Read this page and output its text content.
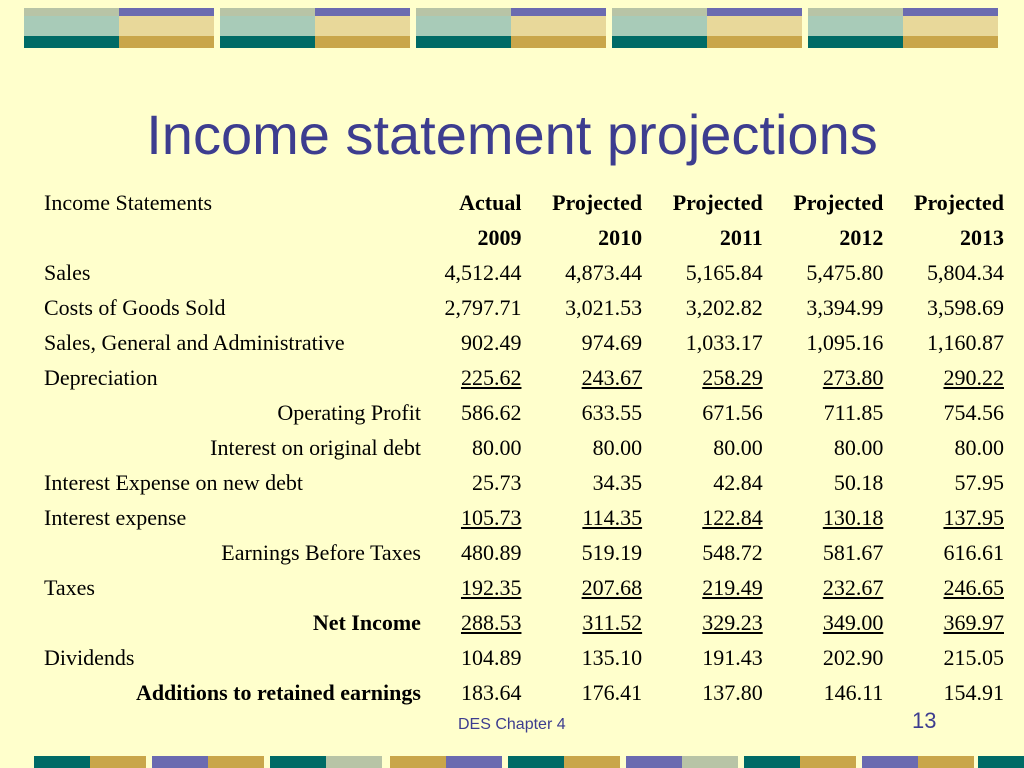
Income statement projections
Income Statements	Actual	Projected	Projected	Projected	Projected
	2009	2010	2011	2012	2013
Sales	4,512.44	4,873.44	5,165.84	5,475.80	5,804.34
Costs of Goods Sold	2,797.71	3,021.53	3,202.82	3,394.99	3,598.69
Sales, General and Administrative	902.49	974.69	1,033.17	1,095.16	1,160.87
Depreciation	225.62	243.67	258.29	273.80	290.22
Operating Profit	586.62	633.55	671.56	711.85	754.56
Interest on original debt	80.00	80.00	80.00	80.00	80.00
Interest Expense on new debt	25.73	34.35	42.84	50.18	57.95
Interest expense	105.73	114.35	122.84	130.18	137.95
Earnings Before Taxes	480.89	519.19	548.72	581.67	616.61
Taxes	192.35	207.68	219.49	232.67	246.65
Net Income	288.53	311.52	329.23	349.00	369.97
Dividends	104.89	135.10	191.43	202.90	215.05
Additions to retained earnings	183.64	176.41	137.80	146.11	154.91
DES Chapter 4	13
